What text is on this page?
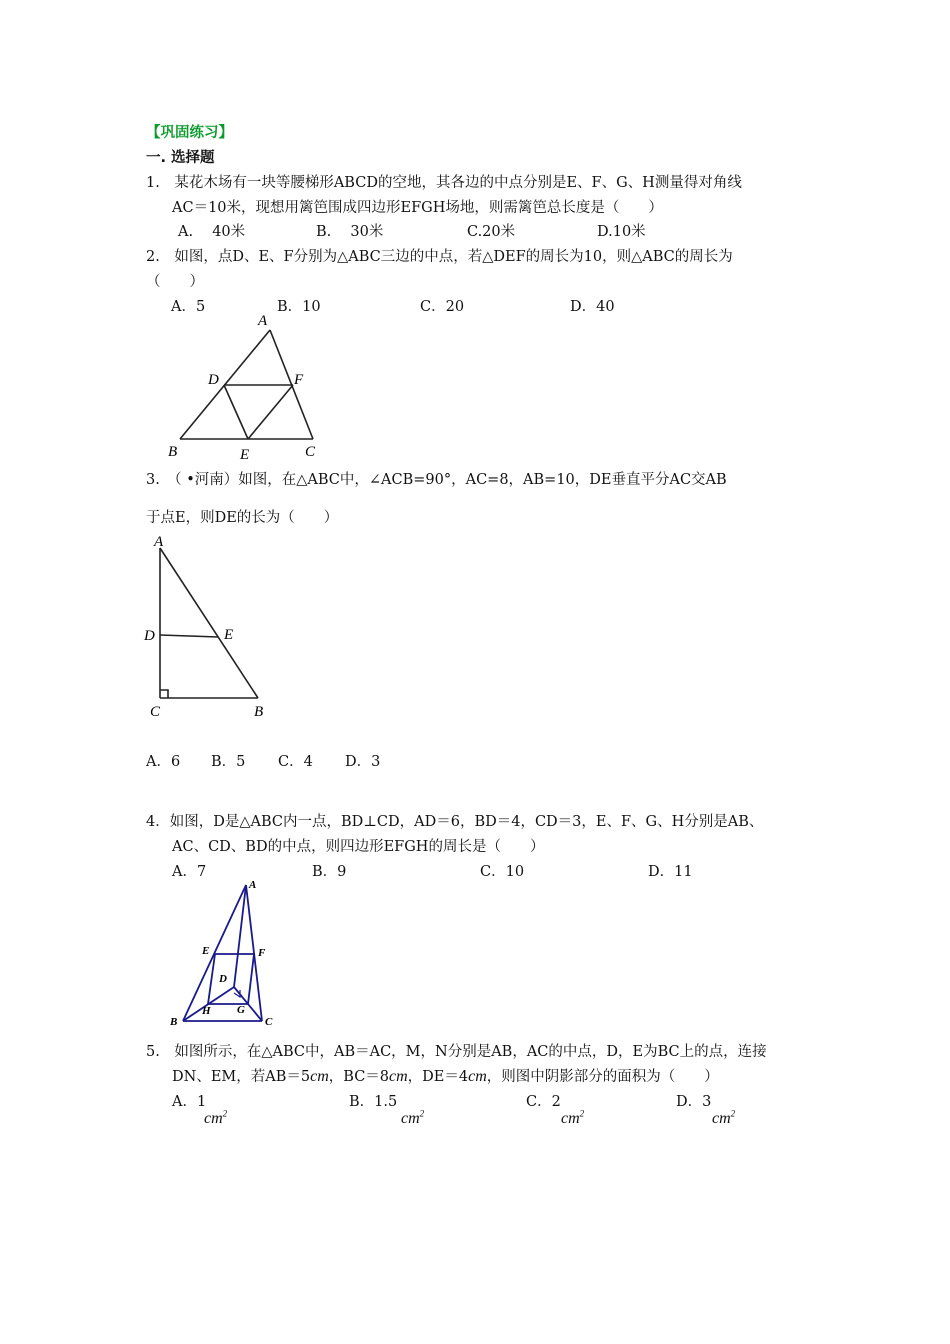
【巩固练习】
一. 选择题
1.　某花木场有一块等腰梯形ABCD的空地，其各边的中点分别是E、F、G、H测量得对角线
AC＝10米，现想用篱笆围成四边形EFGH场地，则需篱笆总长度是（　　）
A.　 40米	B.　 30米	C.20米	D.10米
2.　如图，点D、E、F分别为△ABC三边的中点，若△DEF的周长为10，则△ABC的周长为
（　　）
A．5	B．10	C．20	D．40
A
B	C
D
E
F
3.　（ •河南）如图，在△ABC中，∠ACB=90°，AC=8，AB=10，DE垂直平分AC交AB
于点E，则DE的长为（　　）
A
D	E
C	B
A．6 B．5 C．4 D．3
4．如图，D是△ABC内一点，BD⊥CD，AD＝6，BD＝4，CD＝3，E、F、G、H分别是AB、
AC、CD、BD的中点，则四边形EFGH的周长是（　　）
A．7	B．9	C．10	D．11
A
E	F
D
H G
B	C
5.　如图所示，在△ABC中，AB＝AC，M，N分别是AB，AC的中点，D，E为BC上的点，连接
DN、EM，若AB＝5cm，BC＝8cm，DE＝4cm，则图中阴影部分的面积为（　　）
A．1
$cm^2$
B．1.5
$cm^2$
C．2
$cm^2$
D．3
$cm^2$
